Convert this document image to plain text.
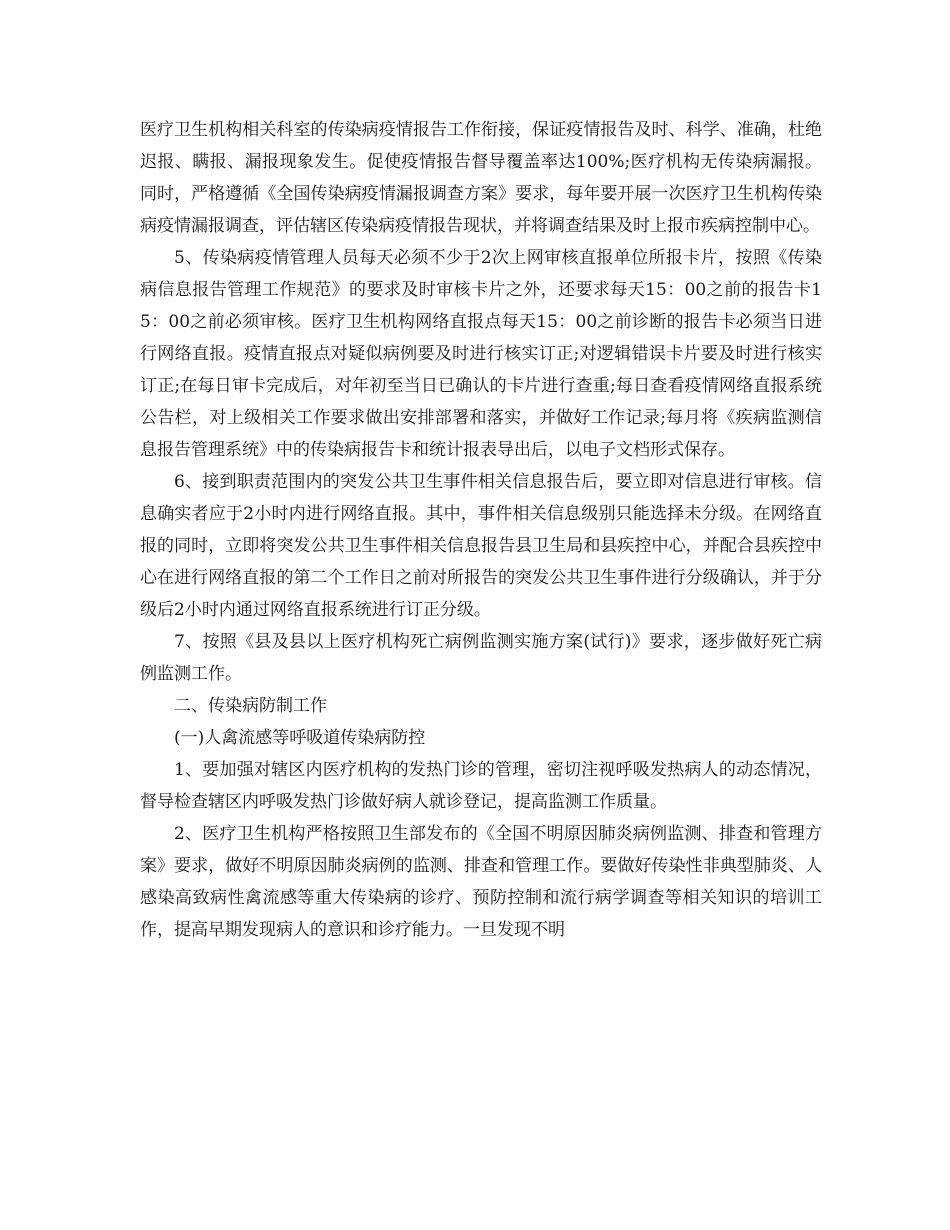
医疗卫生机构相关科室的传染病疫情报告工作衔接，保证疫情报告及时、科学、准确，杜绝迟报、瞒报、漏报现象发生。促使疫情报告督导覆盖率达100%;医疗机构无传染病漏报。同时，严格遵循《全国传染病疫情漏报调查方案》要求，每年要开展一次医疗卫生机构传染病疫情漏报调查，评估辖区传染病疫情报告现状，并将调查结果及时上报市疾病控制中心。

5、传染病疫情管理人员每天必须不少于2次上网审核直报单位所报卡片，按照《传染病信息报告管理工作规范》的要求及时审核卡片之外，还要求每天15：00之前的报告卡15：00之前必须审核。医疗卫生机构网络直报点每天15：00之前诊断的报告卡必须当日进行网络直报。疫情直报点对疑似病例要及时进行核实订正;对逻辑错误卡片要及时进行核实订正;在每日审卡完成后，对年初至当日已确认的卡片进行查重;每日查看疫情网络直报系统公告栏，对上级相关工作要求做出安排部署和落实，并做好工作记录;每月将《疾病监测信息报告管理系统》中的传染病报告卡和统计报表导出后，以电子文档形式保存。

6、接到职责范围内的突发公共卫生事件相关信息报告后，要立即对信息进行审核。信息确实者应于2小时内进行网络直报。其中，事件相关信息级别只能选择未分级。在网络直报的同时，立即将突发公共卫生事件相关信息报告县卫生局和县疾控中心，并配合县疾控中心在进行网络直报的第二个工作日之前对所报告的突发公共卫生事件进行分级确认，并于分级后2小时内通过网络直报系统进行订正分级。

7、按照《县及县以上医疗机构死亡病例监测实施方案(试行)》要求，逐步做好死亡病例监测工作。

二、传染病防制工作

(一)人禽流感等呼吸道传染病防控

1、要加强对辖区内医疗机构的发热门诊的管理，密切注视呼吸发热病人的动态情况，督导检查辖区内呼吸发热门诊做好病人就诊登记，提高监测工作质量。

2、医疗卫生机构严格按照卫生部发布的《全国不明原因肺炎病例监测、排查和管理方案》要求，做好不明原因肺炎病例的监测、排查和管理工作。要做好传染性非典型肺炎、人感染高致病性禽流感等重大传染病的诊疗、预防控制和流行病学调查等相关知识的培训工作，提高早期发现病人的意识和诊疗能力。一旦发现不明
